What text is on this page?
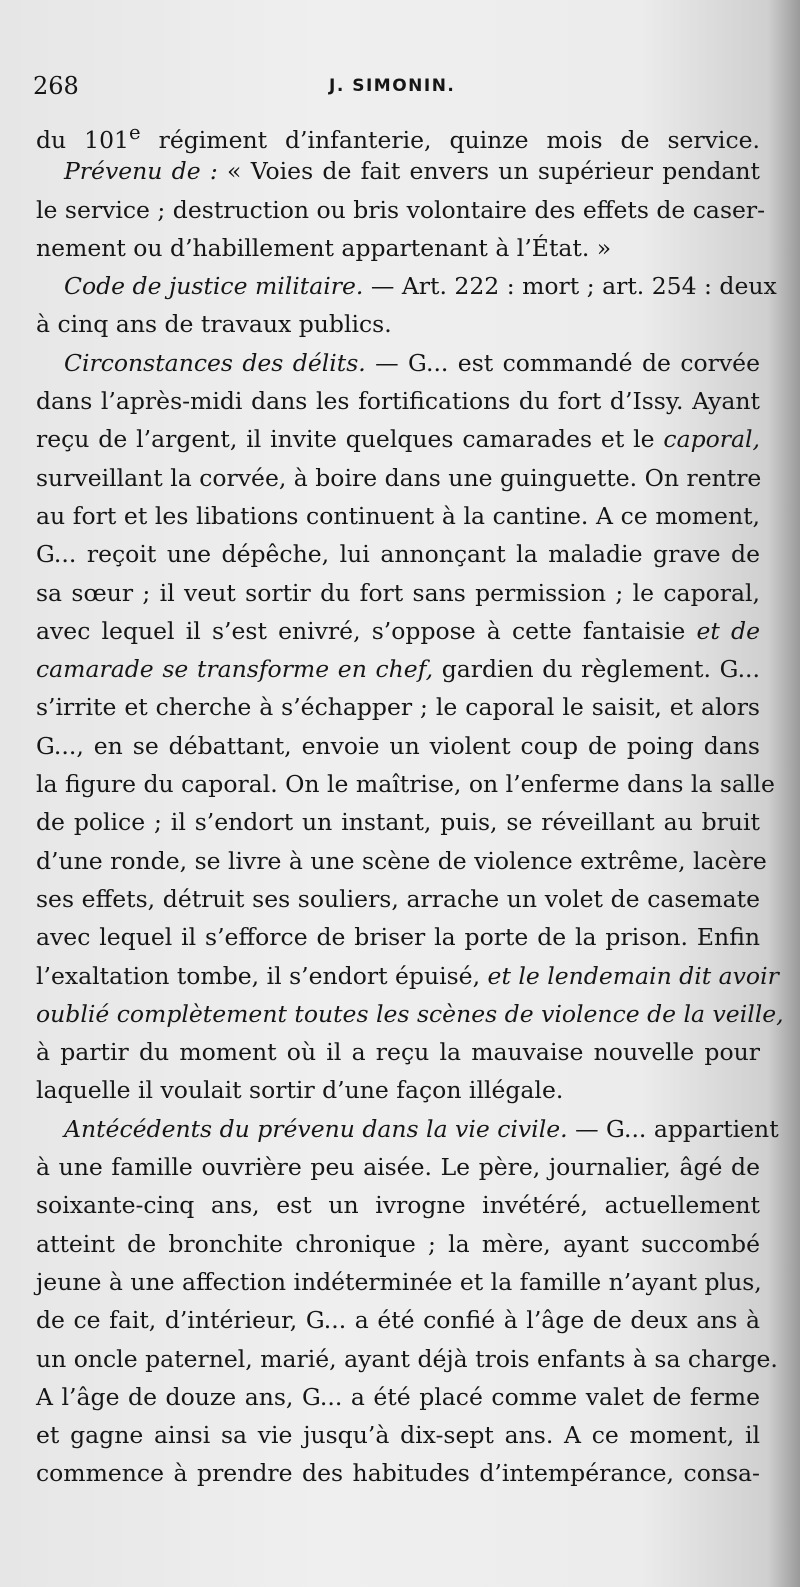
268	J. SIMONIN.
du 101e régiment d’infanterie, quinze mois de service.
Prévenu de : « Voies de fait envers un supérieur pendant
le service ; destruction ou bris volontaire des effets de caser-
nement ou d’habillement appartenant à l’État. »
Code de justice militaire. — Art. 222 : mort ; art. 254 : deux
à cinq ans de travaux publics.
Circonstances des délits. — G... est commandé de corvée
dans l’après-midi dans les fortifications du fort d’Issy. Ayant
reçu de l’argent, il invite quelques camarades et le caporal,
surveillant la corvée, à boire dans une guinguette. On rentre
au fort et les libations continuent à la cantine. A ce moment,
G... reçoit une dépêche, lui annonçant la maladie grave de
sa sœur ; il veut sortir du fort sans permission ; le caporal,
avec lequel il s’est enivré, s’oppose à cette fantaisie et de
camarade se transforme en chef, gardien du règlement. G...
s’irrite et cherche à s’échapper ; le caporal le saisit, et alors
G..., en se débattant, envoie un violent coup de poing dans
la figure du caporal. On le maîtrise, on l’enferme dans la salle
de police ; il s’endort un instant, puis, se réveillant au bruit
d’une ronde, se livre à une scène de violence extrême, lacère
ses effets, détruit ses souliers, arrache un volet de casemate
avec lequel il s’efforce de briser la porte de la prison. Enfin
l’exaltation tombe, il s’endort épuisé, et le lendemain dit avoir
oublié complètement toutes les scènes de violence de la veille,
à partir du moment où il a reçu la mauvaise nouvelle pour
laquelle il voulait sortir d’une façon illégale.
Antécédents du prévenu dans la vie civile. — G... appartient
à une famille ouvrière peu aisée. Le père, journalier, âgé de
soixante-cinq ans, est un ivrogne invétéré, actuellement
atteint de bronchite chronique ; la mère, ayant succombé
jeune à une affection indéterminée et la famille n’ayant plus,
de ce fait, d’intérieur, G... a été confié à l’âge de deux ans à
un oncle paternel, marié, ayant déjà trois enfants à sa charge.
A l’âge de douze ans, G... a été placé comme valet de ferme
et gagne ainsi sa vie jusqu’à dix-sept ans. A ce moment, il
commence à prendre des habitudes d’intempérance, consa-
